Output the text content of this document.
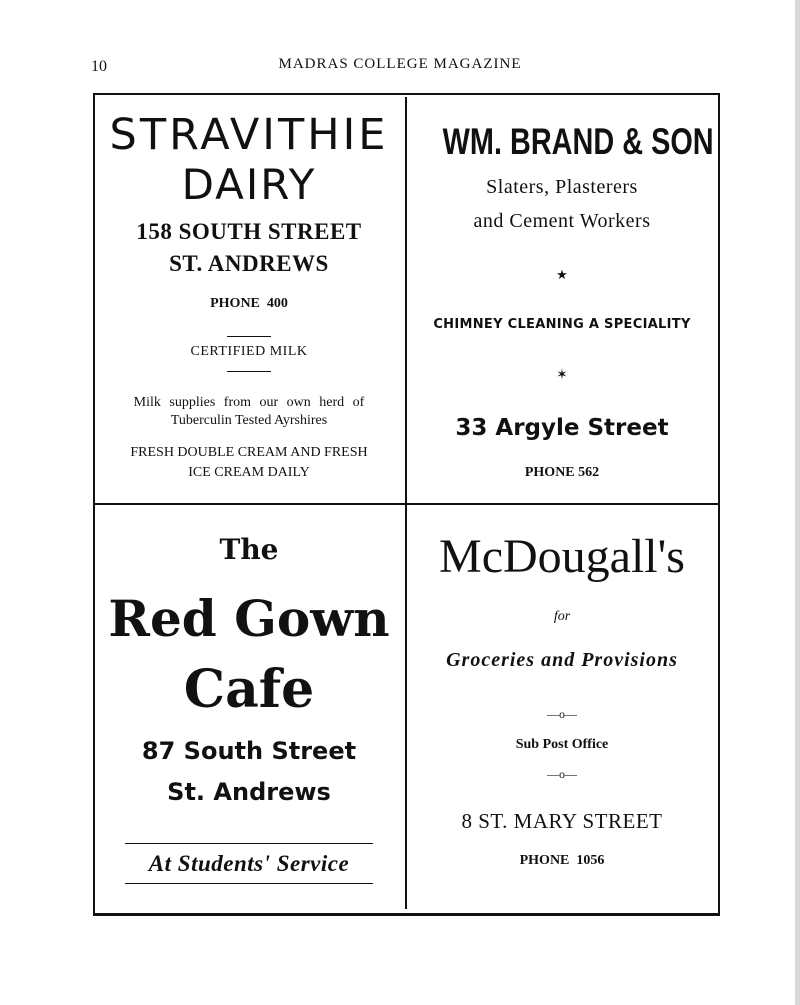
10	MADRAS COLLEGE MAGAZINE
STRAVITHIE
DAIRY
158 SOUTH STREET
ST. ANDREWS
PHONE  400
CERTIFIED MILK
Milk supplies from our own herd of
Tuberculin Tested Ayrshires
FRESH DOUBLE CREAM AND FRESH
ICE CREAM DAILY
WM. BRAND & SON
Slaters, Plasterers
and Cement Workers
★
CHIMNEY CLEANING A SPECIALITY
✶
33 Argyle Street
PHONE 562
The
Red Gown
Cafe
87 South Street
St. Andrews
At Students' Service
McDougall's
for
Groceries and Provisions
—o—
Sub Post Office
—o—
8 ST. MARY STREET
PHONE  1056
